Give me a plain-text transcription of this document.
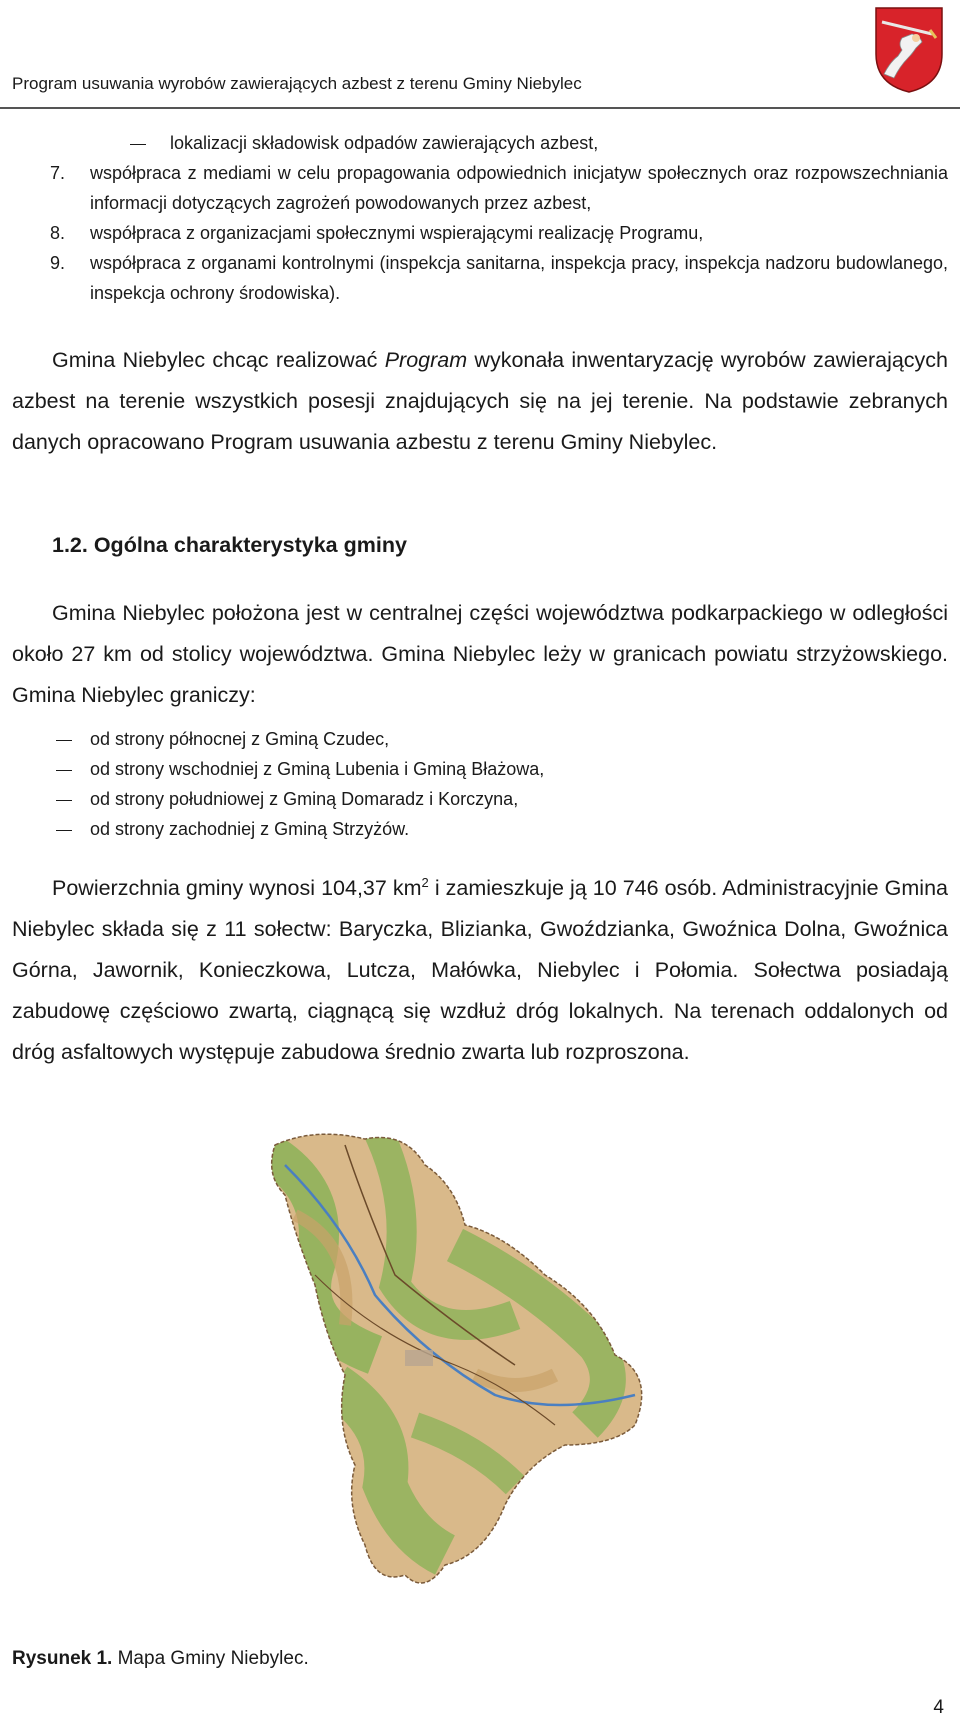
Program usuwania wyrobów zawierających azbest z terenu Gminy Niebylec
lokalizacji składowisk odpadów zawierających azbest,
7. współpraca z mediami w celu propagowania odpowiednich inicjatyw społecznych oraz rozpowszechniania informacji dotyczących zagrożeń powodowanych przez azbest,
8. współpraca z organizacjami społecznymi wspierającymi realizację Programu,
9. współpraca z organami kontrolnymi (inspekcja sanitarna, inspekcja pracy, inspekcja nadzoru budowlanego, inspekcja ochrony środowiska).
Gmina Niebylec chcąc realizować Program wykonała inwentaryzację wyrobów zawierających azbest na terenie wszystkich posesji znajdujących się na jej terenie. Na podstawie zebranych danych opracowano Program usuwania azbestu z terenu Gminy Niebylec.
1.2. Ogólna charakterystyka gminy
Gmina Niebylec położona jest w centralnej części województwa podkarpackiego w odległości około 27 km od stolicy województwa. Gmina Niebylec leży w granicach powiatu strzyżowskiego. Gmina Niebylec graniczy:
od strony północnej z Gminą Czudec,
od strony wschodniej z Gminą Lubenia i Gminą Błażowa,
od strony południowej z Gminą Domaradz i Korczyna,
od strony zachodniej z Gminą Strzyżów.
Powierzchnia gminy wynosi 104,37 $km^2$ i zamieszkuje ją 10 746 osób. Administracyjnie Gmina Niebylec składa się z 11 sołectw: Baryczka, Blizianka, Gwoździanka, Gwoźnica Dolna, Gwoźnica Górna, Jawornik, Konieczkowa, Lutcza, Małówka, Niebylec i Połomia. Sołectwa posiadają zabudowę częściowo zwartą, ciągnącą się wzdłuż dróg lokalnych. Na terenach oddalonych od dróg asfaltowych występuje zabudowa średnio zwarta lub rozproszona.
Rysunek 1. Mapa Gminy Niebylec.
4
